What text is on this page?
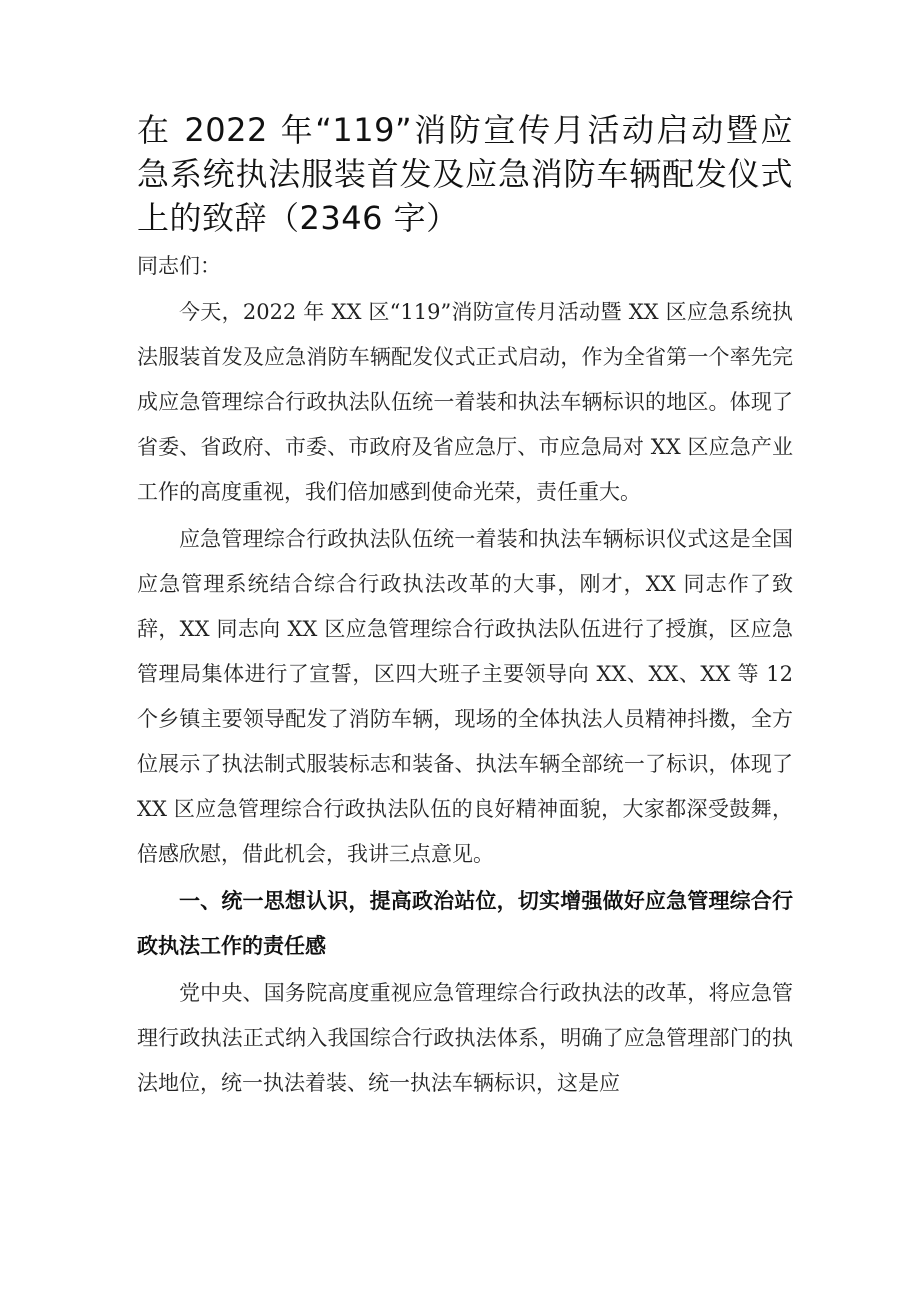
在 2022 年“119”消防宣传月活动启动暨应急系统执法服装首发及应急消防车辆配发仪式上的致辞（2346 字）

同志们：

今天，2022 年 XX 区“119”消防宣传月活动暨 XX 区应急系统执法服装首发及应急消防车辆配发仪式正式启动，作为全省第一个率先完成应急管理综合行政执法队伍统一着装和执法车辆标识的地区。体现了省委、省政府、市委、市政府及省应急厅、市应急局对 XX 区应急产业工作的高度重视，我们倍加感到使命光荣，责任重大。

应急管理综合行政执法队伍统一着装和执法车辆标识仪式这是全国应急管理系统结合综合行政执法改革的大事，刚才，XX 同志作了致辞，XX 同志向 XX 区应急管理综合行政执法队伍进行了授旗，区应急管理局集体进行了宣誓，区四大班子主要领导向 XX、XX、XX 等 12 个乡镇主要领导配发了消防车辆，现场的全体执法人员精神抖擞，全方位展示了执法制式服装标志和装备、执法车辆全部统一了标识，体现了 XX 区应急管理综合行政执法队伍的良好精神面貌，大家都深受鼓舞，倍感欣慰，借此机会，我讲三点意见。

一、统一思想认识，提高政治站位，切实增强做好应急管理综合行政执法工作的责任感

党中央、国务院高度重视应急管理综合行政执法的改革，将应急管理行政执法正式纳入我国综合行政执法体系，明确了应急管理部门的执法地位，统一执法着装、统一执法车辆标识，这是应
